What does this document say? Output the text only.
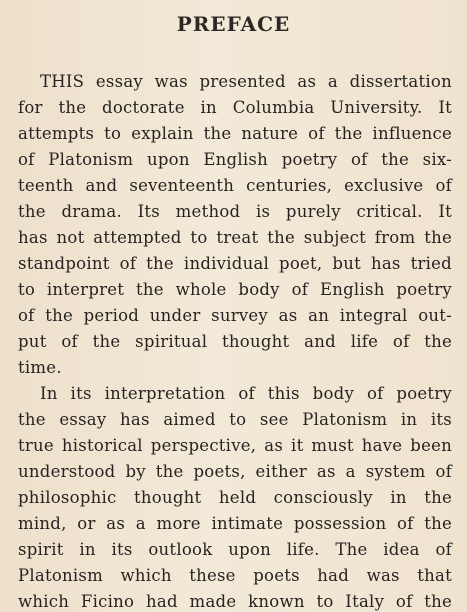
PREFACE
THIS essay was presented as a dissertation
for the doctorate in Columbia University. It
attempts to explain the nature of the influence
of Platonism upon English poetry of the six-
teenth and seventeenth centuries, exclusive of
the drama. Its method is purely critical. It
has not attempted to treat the subject from the
standpoint of the individual poet, but has tried
to interpret the whole body of English poetry
of the period under survey as an integral out-
put of the spiritual thought and life of the
time.
In its interpretation of this body of poetry
the essay has aimed to see Platonism in its
true historical perspective, as it must have been
understood by the poets, either as a system of
philosophic thought held consciously in the
mind, or as a more intimate possession of the
spirit in its outlook upon life. The idea of
Platonism which these poets had was that
which Ficino had made known to Italy of the
